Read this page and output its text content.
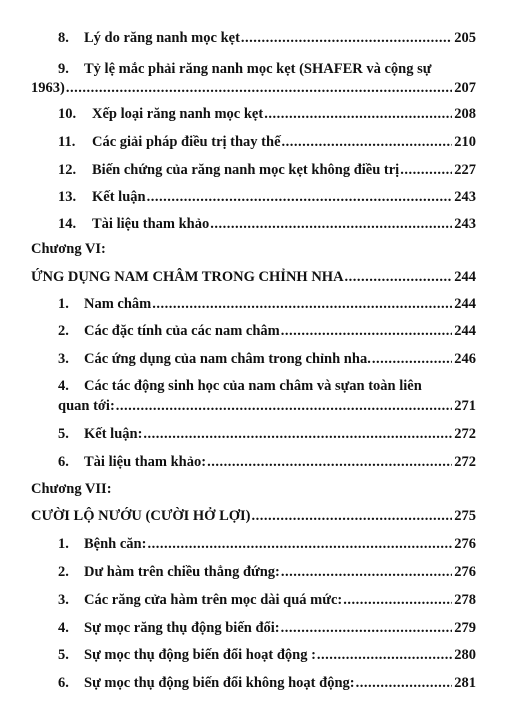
8.	Lý do răng nanh mọc kẹt .....	205
9.	Tỷ lệ mắc phải răng nanh mọc kẹt (SHAFER và cộng sự
1963) .....	207
10. Xếp loại răng nanh mọc kẹt .....	208
11.	Các giải pháp điều trị thay thế .....	210
12. Biến chứng của răng nanh mọc kẹt không điều trị .....	227
13. Kết luận .....	243
14. Tài liệu tham khảo .....	243
Chương VI:
ỨNG DỤNG NAM CHÂM TRONG CHỈNH NHA .....	244
1.	Nam châm .....	244
2.	Các đặc tính của các nam châm .....	244
3.	Các ứng dụng của nam châm trong chỉnh nha. .....	246
4.	Các tác động sinh học của nam châm và sựan toàn liên
quan tới: .....	271
5.	Kết luận: .....	272
6.	Tài liệu tham khảo: .....	272
Chương VII:
CƯỜI LỘ NƯỚU (CƯỜI HỞ LỢI) .....	275
1.	Bệnh căn: .....	276
2.	Dư hàm trên chiều thẳng đứng: .....	276
3.	Các răng cửa hàm trên mọc dài quá mức: .....	278
4.	Sự mọc răng thụ động biến đổi: .....	279
5.	Sự mọc thụ động biến đổi hoạt động : .....	280
6.	Sự mọc thụ động biến đổi không hoạt động: .....	281
